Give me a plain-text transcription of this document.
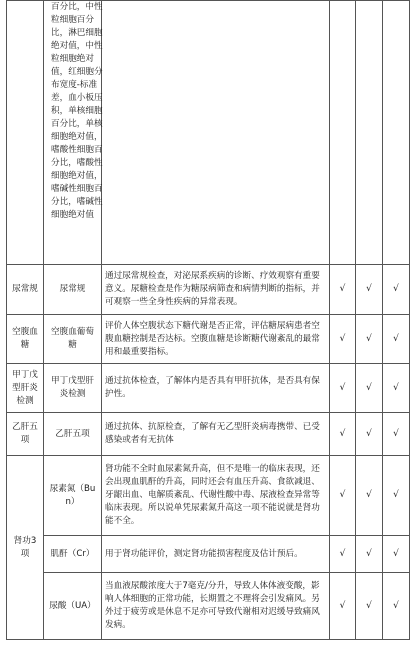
	百分比，中性粒细胞百分比，淋巴细胞绝对值，中性粒细胞绝对值，红细胞分布宽度-标准差，血小板压积，单核细胞百分比，单核细胞绝对值，嗜酸性细胞百分比，嗜酸性细胞绝对值，嗜碱性细胞百分比，嗜碱性细胞绝对值				

尿常规	尿常规	通过尿常规检查，对泌尿系疾病的诊断、疗效观察有重要意义。尿糖检查是作为糖尿病筛查和病情判断的指标，并可观察一些全身性疾病的异常表现。	√	√	√
空腹血糖	空腹血葡萄糖	评价人体空腹状态下糖代谢是否正常，评估糖尿病患者空腹血糖控制是否达标。空腹血糖是诊断糖代谢紊乱的最常用和最重要指标。	√	√	√
甲丁戊型肝炎检测	甲丁戊型肝炎检测	通过抗体检查，了解体内是否具有甲肝抗体，是否具有保护性。	√	√	√
乙肝五项	乙肝五项	通过抗体、抗原检查，了解有无乙型肝炎病毒携带、已受感染或者有无抗体	√	√	√
肾功3项	尿素氮（Bun）	肾功能不全时血尿素氮升高，但不是唯一的临床表现，还会出现血肌酐的升高，同时还会有血压升高、食欲减退、牙龈出血、电解质紊乱、代谢性酸中毒、尿液检查异常等临床表现。所以说单凭尿素氮升高这一项不能说就是肾功能不全。	√	√	√
	肌酐（Cr）	用于肾功能评价，测定肾功能损害程度及估计预后。	√	√	√
	尿酸（UA）	当血液尿酸浓度大于7毫克/分升，导致人体体液变酸，影响人体细胞的正常功能，长期置之不理将会引发痛风。另外过于疲劳或是休息不足亦可导致代谢相对迟缓导致痛风发病。	√	√	√
